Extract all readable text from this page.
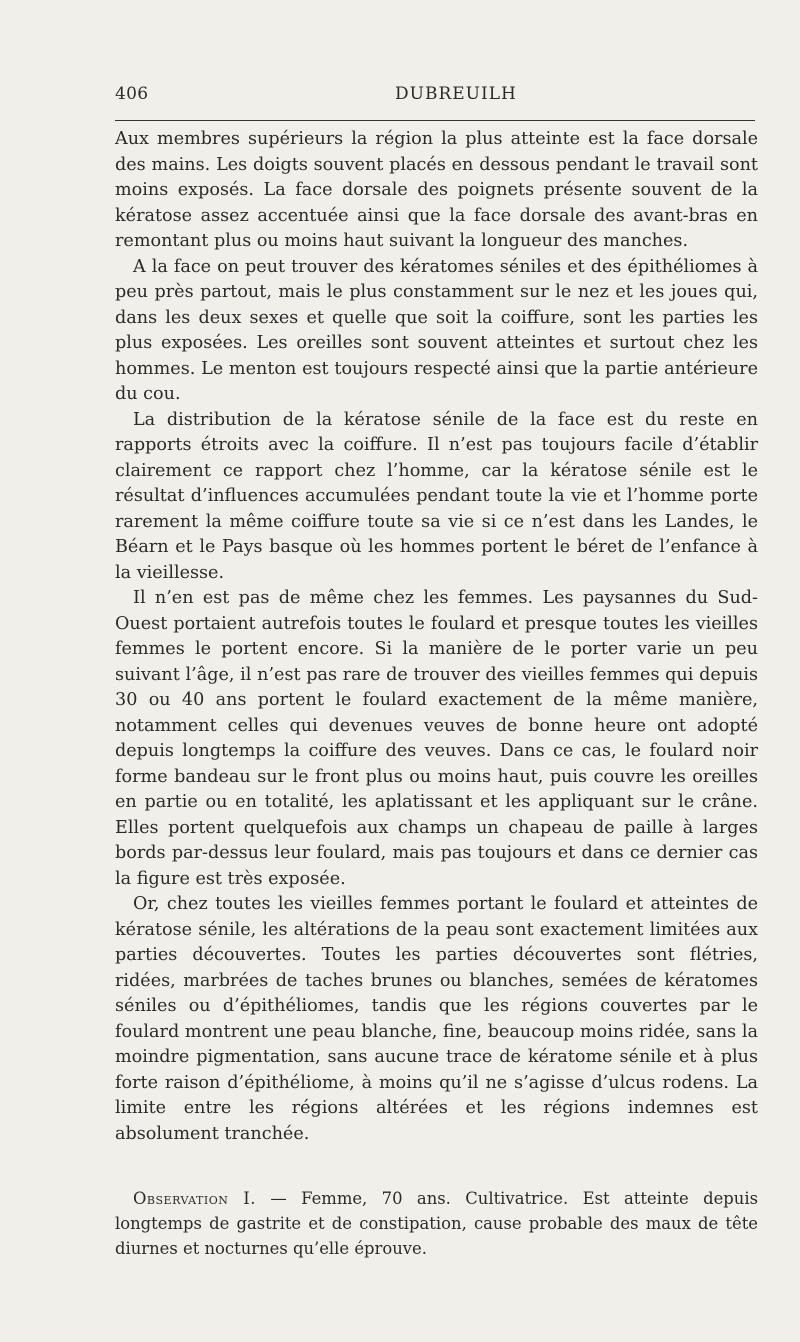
406	DUBREUILH

Aux membres supérieurs la région la plus atteinte est la face dorsale des mains. Les doigts souvent placés en dessous pendant le travail sont moins exposés. La face dorsale des poignets présente souvent de la kératose assez accentuée ainsi que la face dorsale des avant-bras en remontant plus ou moins haut suivant la longueur des manches.

A la face on peut trouver des kératomes séniles et des épithéliomes à peu près partout, mais le plus constamment sur le nez et les joues qui, dans les deux sexes et quelle que soit la coiffure, sont les parties les plus exposées. Les oreilles sont souvent atteintes et surtout chez les hommes. Le menton est toujours respecté ainsi que la partie antérieure du cou.

La distribution de la kératose sénile de la face est du reste en rapports étroits avec la coiffure. Il n’est pas toujours facile d’établir clairement ce rapport chez l’homme, car la kératose sénile est le résultat d’influences accumulées pendant toute la vie et l’homme porte rarement la même coiffure toute sa vie si ce n’est dans les Landes, le Béarn et le Pays basque où les hommes portent le béret de l’enfance à la vieillesse.

Il n’en est pas de même chez les femmes. Les paysannes du Sud-Ouest portaient autrefois toutes le foulard et presque toutes les vieilles femmes le portent encore. Si la manière de le porter varie un peu suivant l’âge, il n’est pas rare de trouver des vieilles femmes qui depuis 30 ou 40 ans portent le foulard exactement de la même manière, notamment celles qui devenues veuves de bonne heure ont adopté depuis longtemps la coiffure des veuves. Dans ce cas, le foulard noir forme bandeau sur le front plus ou moins haut, puis couvre les oreilles en partie ou en totalité, les aplatissant et les appliquant sur le crâne. Elles portent quelquefois aux champs un chapeau de paille à larges bords par-dessus leur foulard, mais pas toujours et dans ce dernier cas la figure est très exposée.

Or, chez toutes les vieilles femmes portant le foulard et atteintes de kératose sénile, les altérations de la peau sont exactement limitées aux parties découvertes. Toutes les parties découvertes sont flétries, ridées, marbrées de taches brunes ou blanches, semées de kératomes séniles ou d’épithéliomes, tandis que les régions couvertes par le foulard montrent une peau blanche, fine, beaucoup moins ridée, sans la moindre pigmentation, sans aucune trace de kératome sénile et à plus forte raison d’épithéliome, à moins qu’il ne s’agisse d’ulcus rodens. La limite entre les régions altérées et les régions indemnes est absolument tranchée.

Observation I. — Femme, 70 ans. Cultivatrice. Est atteinte depuis longtemps de gastrite et de constipation, cause probable des maux de tête diurnes et nocturnes qu’elle éprouve.
